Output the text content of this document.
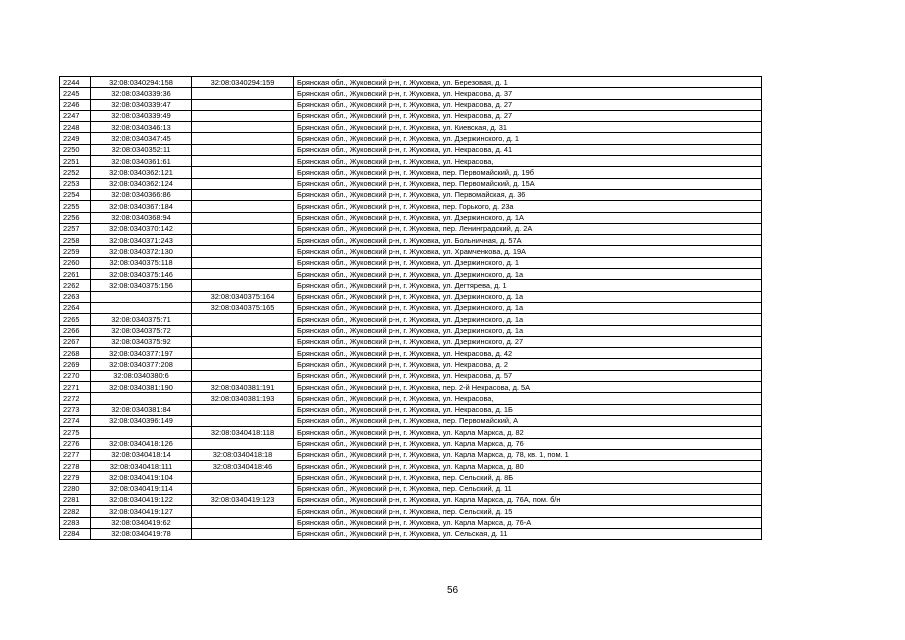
2244	32:08:0340294:158	32:08:0340294:159	Брянская обл., Жуковский р-н, г. Жуковка, ул. Березовая, д. 1
2245	32:08:0340339:36		Брянская обл., Жуковский р-н, г. Жуковка, ул. Некрасова, д. 37
2246	32:08:0340339:47		Брянская обл., Жуковский р-н, г. Жуковка, ул. Некрасова, д. 27
2247	32:08:0340339:49		Брянская обл., Жуковский р-н, г. Жуковка, ул. Некрасова, д. 27
2248	32:08:0340346:13		Брянская обл., Жуковский р-н, г. Жуковка, ул. Киевская, д. 31
2249	32:08:0340347:45		Брянская обл., Жуковский р-н, г. Жуковка, ул. Дзержинского, д. 1
2250	32:08:0340352:11		Брянская обл., Жуковский р-н, г. Жуковка, ул. Некрасова, д. 41
2251	32:08:0340361:61		Брянская обл., Жуковский р-н, г. Жуковка, ул. Некрасова,
2252	32:08:0340362:121		Брянская обл., Жуковский р-н, г. Жуковка, пер. Первомайский, д. 19б
2253	32:08:0340362:124		Брянская обл., Жуковский р-н, г. Жуковка, пер. Первомайский, д. 15А
2254	32:08:0340366:86		Брянская обл., Жуковский р-н, г. Жуковка, ул. Первомайская, д. 36
2255	32:08:0340367:184		Брянская обл., Жуковский р-н, г. Жуковка, пер. Горького, д. 23а
2256	32:08:0340368:94		Брянская обл., Жуковский р-н, г. Жуковка, ул. Дзержинского, д. 1А
2257	32:08:0340370:142		Брянская обл., Жуковский р-н, г. Жуковка, пер. Ленинградский, д. 2А
2258	32:08:0340371:243		Брянская обл., Жуковский р-н, г. Жуковка, ул. Больничная, д. 57А
2259	32:08:0340372:130		Брянская обл., Жуковский р-н, г. Жуковка, ул. Храмченкова, д. 19А
2260	32:08:0340375:118		Брянская обл., Жуковский р-н, г. Жуковка, ул. Дзержинского, д. 1
2261	32:08:0340375:146		Брянская обл., Жуковский р-н, г. Жуковка, ул. Дзержинского, д. 1а
2262	32:08:0340375:156		Брянская обл., Жуковский р-н, г. Жуковка, ул. Дегтярева, д. 1
2263		32:08:0340375:164	Брянская обл., Жуковский р-н, г. Жуковка, ул. Дзержинского, д. 1а
2264		32:08:0340375:165	Брянская обл., Жуковский р-н, г. Жуковка, ул. Дзержинского, д. 1а
2265	32:08:0340375:71		Брянская обл., Жуковский р-н, г. Жуковка, ул. Дзержинского, д. 1а
2266	32:08:0340375:72		Брянская обл., Жуковский р-н, г. Жуковка, ул. Дзержинского, д. 1а
2267	32:08:0340375:92		Брянская обл., Жуковский р-н, г. Жуковка, ул. Дзержинского, д. 27
2268	32:08:0340377:197		Брянская обл., Жуковский р-н, г. Жуковка, ул. Некрасова, д. 42
2269	32:08:0340377:208		Брянская обл., Жуковский р-н, г. Жуковка, ул. Некрасова, д. 2
2270	32:08:0340380:6		Брянская обл., Жуковский р-н, г. Жуковка, ул. Некрасова, д. 57
2271	32:08:0340381:190	32:08:0340381:191	Брянская обл., Жуковский р-н, г. Жуковка, пер. 2-й Некрасова, д. 5А
2272		32:08:0340381:193	Брянская обл., Жуковский р-н, г. Жуковка, ул. Некрасова,
2273	32:08:0340381:84		Брянская обл., Жуковский р-н, г. Жуковка, ул. Некрасова, д. 1Б
2274	32:08:0340396:149		Брянская обл., Жуковский р-н, г. Жуковка, пер. Первомайский, А
2275		32:08:0340418:118	Брянская обл., Жуковский р-н, г. Жуковка, ул. Карла Маркса, д. 82
2276	32:08:0340418:126		Брянская обл., Жуковский р-н, г. Жуковка, ул. Карла Маркса, д. 76
2277	32:08:0340418:14	32:08:0340418:18	Брянская обл., Жуковский р-н, г. Жуковка, ул. Карла Маркса, д. 78, кв. 1, пом. 1
2278	32:08:0340418:111	32:08:0340418:46	Брянская обл., Жуковский р-н, г. Жуковка, ул. Карла Маркса, д. 80
2279	32:08:0340419:104		Брянская обл., Жуковский р-н, г. Жуковка, пер. Сельский, д. 8Б
2280	32:08:0340419:114		Брянская обл., Жуковский р-н, г. Жуковка, пер. Сельский, д. 11
2281	32:08:0340419:122	32:08:0340419:123	Брянская обл., Жуковский р-н, г. Жуковка, ул. Карла Маркса, д. 76А, пом. б/н
2282	32:08:0340419:127		Брянская обл., Жуковский р-н, г. Жуковка, пер. Сельский, д. 15
2283	32:08:0340419:62		Брянская обл., Жуковский р-н, г. Жуковка, ул. Карла Маркса, д. 76-А
2284	32:08:0340419:78		Брянская обл., Жуковский р-н, г. Жуковка, ул. Сельская, д. 11
56
